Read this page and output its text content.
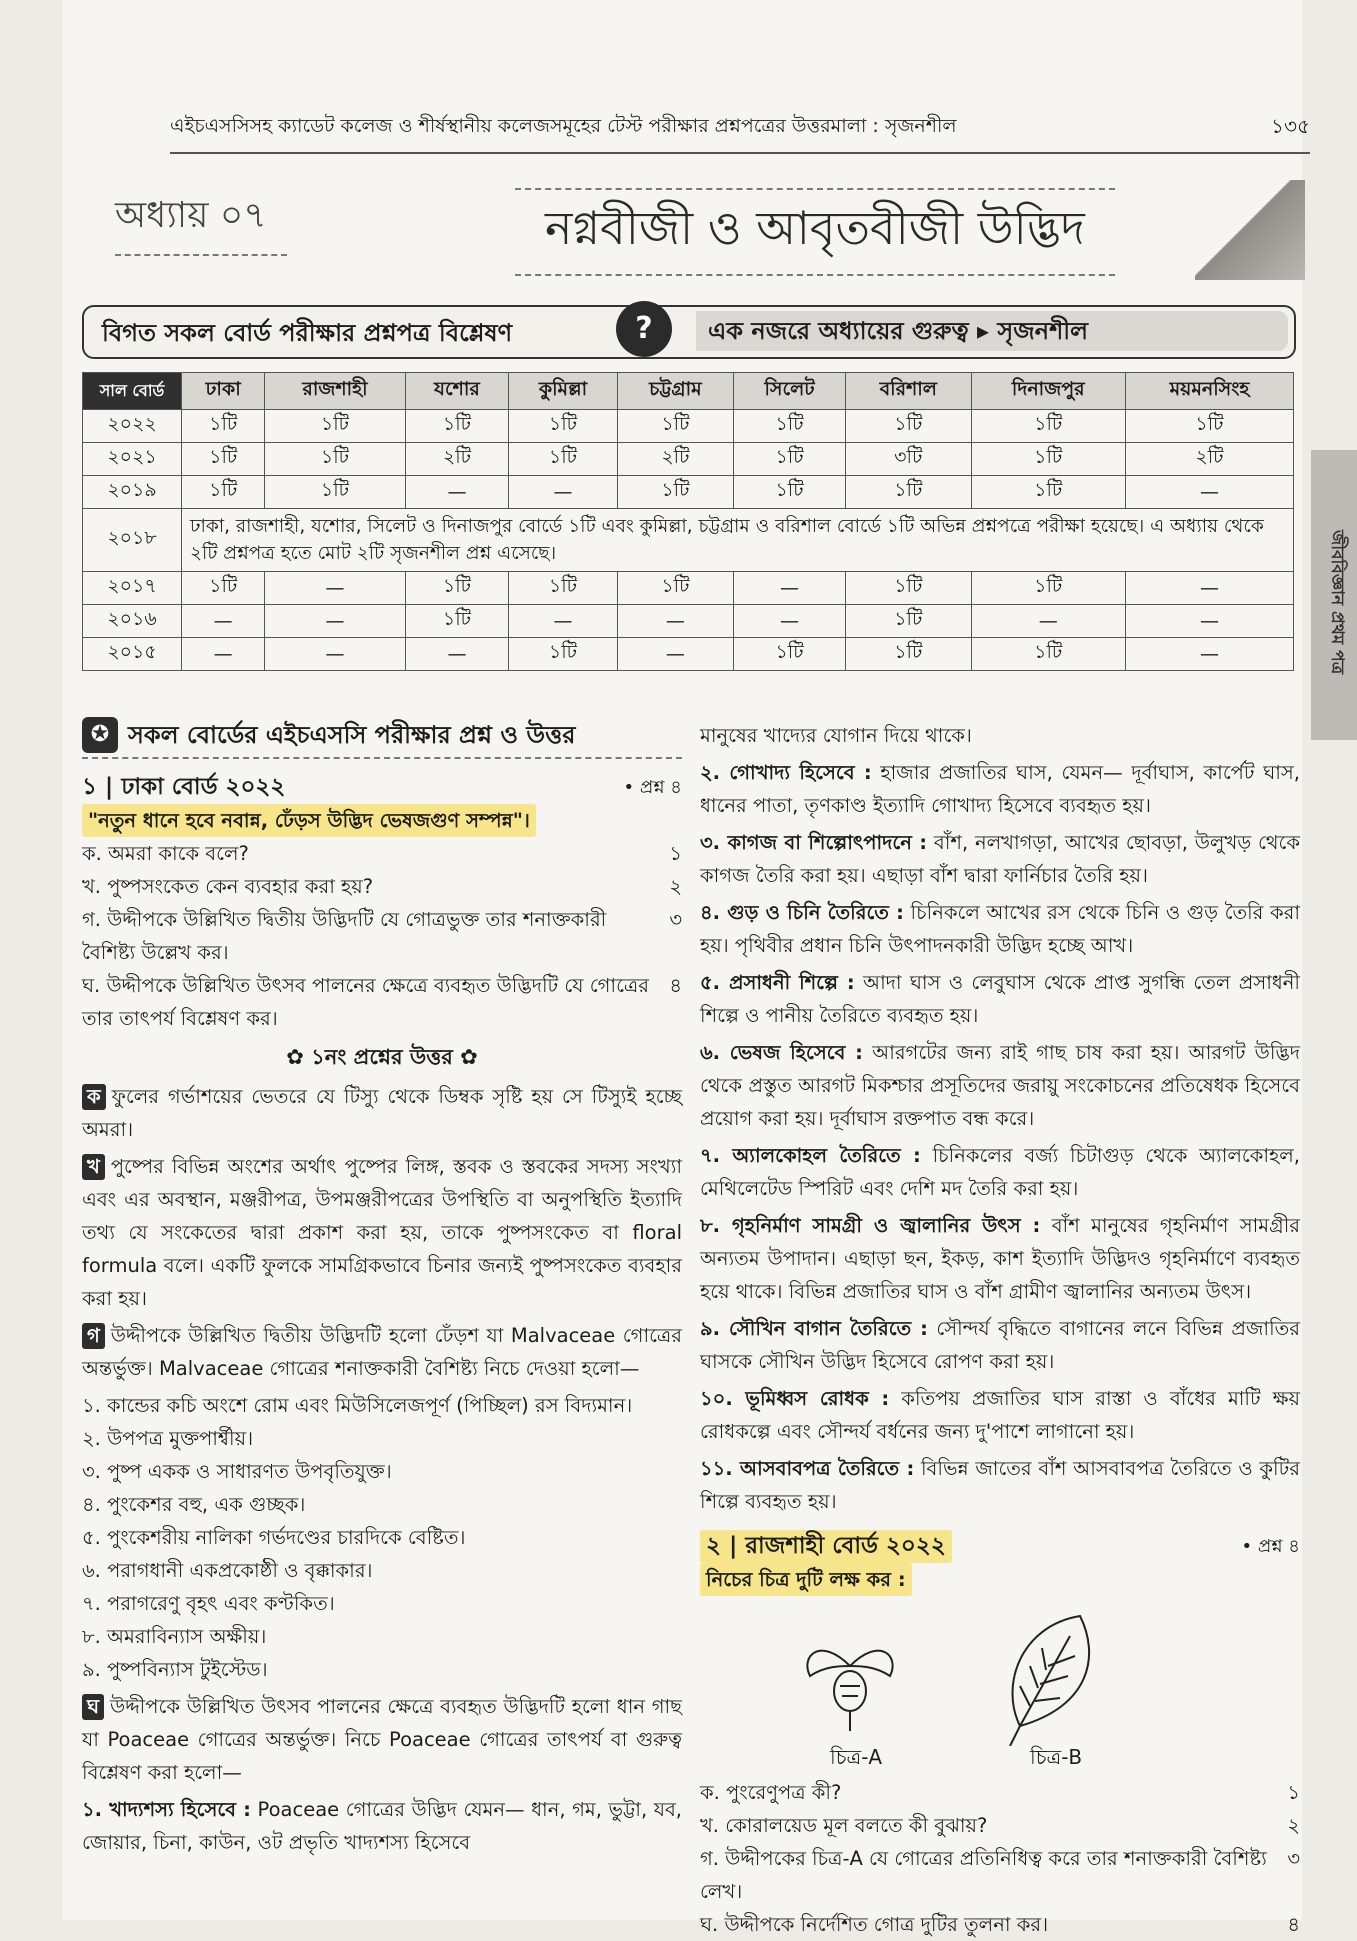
এইচএসসিসহ ক্যাডেট কলেজ ও শীর্ষস্থানীয় কলেজসমূহের টেস্ট পরীক্ষার প্রশ্নপত্রের উত্তরমালা : সৃজনশীল	১৩৫
অধ্যায় ০৭	নগ্নবীজী ও আবৃতবীজী উদ্ভিদ
বিগত সকল বোর্ড পরীক্ষার প্রশ্নপত্র বিশ্লেষণ	?	এক নজরে অধ্যায়ের গুরুত্ব ▸ সৃজনশীল
সাল বোর্ড	ঢাকা	রাজশাহী	যশোর	কুমিল্লা	চট্টগ্রাম	সিলেট	বরিশাল	দিনাজপুর	ময়মনসিংহ
২০২২	১টি	১টি	১টি	১টি	১টি	১টি	১টি	১টি	১টি
২০২১	১টি	১টি	২টি	১টি	২টি	১টি	৩টি	১টি	২টি
২০১৯	১টি	১টি	—	—	১টি	১টি	১টি	১টি	—
২০১৮	ঢাকা, রাজশাহী, যশোর, সিলেট ও দিনাজপুর বোর্ডে ১টি এবং কুমিল্লা, চট্টগ্রাম ও বরিশাল বোর্ডে ১টি অভিন্ন প্রশ্নপত্রে পরীক্ষা হয়েছে। এ অধ্যায় থেকে ২টি প্রশ্নপত্র হতে মোট ২টি সৃজনশীল প্রশ্ন এসেছে।								
২০১৭	১টি	—	১টি	১টি	১টি	—	১টি	১টি	—
২০১৬	—	—	১টি	—	—	—	১টি	—	—
২০১৫	—	—	—	১টি	—	১টি	১টি	১টি	—
✪ সকল বোর্ডের এইচএসসি পরীক্ষার প্রশ্ন ও উত্তর
১ | ঢাকা বোর্ড ২০২২	• প্রশ্ন ৪
"নতুন ধানে হবে নবান্ন, ঢেঁড়স উদ্ভিদ ভেষজগুণ সম্পন্ন"।
ক. অমরা কাকে বলে?	১
খ. পুষ্পসংকেত কেন ব্যবহার করা হয়?	২
গ. উদ্দীপকে উল্লিখিত দ্বিতীয় উদ্ভিদটি যে গোত্রভুক্ত তার শনাক্তকারী বৈশিষ্ট্য উল্লেখ কর।
৩
ঘ. উদ্দীপকে উল্লিখিত উৎসব পালনের ক্ষেত্রে ব্যবহৃত উদ্ভিদটি যে গোত্রের তার তাৎপর্য বিশ্লেষণ কর।
৪
✿ ১নং প্রশ্নের উত্তর ✿
ক ফুলের গর্ভাশয়ের ভেতরে যে টিস্যু থেকে ডিম্বক সৃষ্টি হয় সে টিস্যুই হচ্ছে অমরা।
খ পুষ্পের বিভিন্ন অংশের অর্থাৎ পুষ্পের লিঙ্গ, স্তবক ও স্তবকের সদস্য সংখ্যা এবং এর অবস্থান, মঞ্জরীপত্র, উপমঞ্জরীপত্রের উপস্থিতি বা অনুপস্থিতি ইত্যাদি তথ্য যে সংকেতের দ্বারা প্রকাশ করা হয়, তাকে পুষ্পসংকেত বা floral formula বলে। একটি ফুলকে সামগ্রিকভাবে চিনার জন্যই পুষ্পসংকেত ব্যবহার করা হয়।
গ উদ্দীপকে উল্লিখিত দ্বিতীয় উদ্ভিদটি হলো ঢেঁড়শ যা Malvaceae গোত্রের অন্তর্ভুক্ত। Malvaceae গোত্রের শনাক্তকারী বৈশিষ্ট্য নিচে দেওয়া হলো—
১. কান্ডের কচি অংশে রোম এবং মিউসিলেজপূর্ণ (পিচ্ছিল) রস বিদ্যমান।
২. উপপত্র মুক্তপার্শ্বীয়।
৩. পুষ্প একক ও সাধারণত উপবৃতিযুক্ত।
৪. পুংকেশর বহু, এক গুচ্ছক।
৫. পুংকেশরীয় নালিকা গর্ভদণ্ডের চারদিকে বেষ্টিত।
৬. পরাগধানী একপ্রকোষ্ঠী ও বৃক্কাকার।
৭. পরাগরেণু বৃহৎ এবং কণ্টকিত।
৮. অমরাবিন্যাস অক্ষীয়।
৯. পুষ্পবিন্যাস টুইস্টেড।
ঘ উদ্দীপকে উল্লিখিত উৎসব পালনের ক্ষেত্রে ব্যবহৃত উদ্ভিদটি হলো ধান গাছ যা Poaceae গোত্রের অন্তর্ভুক্ত। নিচে Poaceae গোত্রের তাৎপর্য বা গুরুত্ব বিশ্লেষণ করা হলো—
১. খাদ্যশস্য হিসেবে : Poaceae গোত্রের উদ্ভিদ যেমন— ধান, গম, ভুট্টা, যব, জোয়ার, চিনা, কাউন, ওট প্রভৃতি খাদ্যশস্য হিসেবে
মানুষের খাদ্যের যোগান দিয়ে থাকে।
২. গোখাদ্য হিসেবে : হাজার প্রজাতির ঘাস, যেমন— দূর্বাঘাস, কার্পেট ঘাস, ধানের পাতা, তৃণকাণ্ড ইত্যাদি গোখাদ্য হিসেবে ব্যবহৃত হয়।
৩. কাগজ বা শিল্পোৎপাদনে : বাঁশ, নলখাগড়া, আখের ছোবড়া, উলুখড় থেকে কাগজ তৈরি করা হয়। এছাড়া বাঁশ দ্বারা ফার্নিচার তৈরি হয়।
৪. গুড় ও চিনি তৈরিতে : চিনিকলে আখের রস থেকে চিনি ও গুড় তৈরি করা হয়। পৃথিবীর প্রধান চিনি উৎপাদনকারী উদ্ভিদ হচ্ছে আখ।
৫. প্রসাধনী শিল্পে : আদা ঘাস ও লেবুঘাস থেকে প্রাপ্ত সুগন্ধি তেল প্রসাধনী শিল্পে ও পানীয় তৈরিতে ব্যবহৃত হয়।
৬. ভেষজ হিসেবে : আরগটের জন্য রাই গাছ চাষ করা হয়। আরগট উদ্ভিদ থেকে প্রস্তুত আরগট মিকশ্চার প্রসূতিদের জরায়ু সংকোচনের প্রতিষেধক হিসেবে প্রয়োগ করা হয়। দূর্বাঘাস রক্তপাত বন্ধ করে।
৭. অ্যালকোহল তৈরিতে : চিনিকলের বর্জ্য চিটাগুড় থেকে অ্যালকোহল, মেথিলেটেড স্পিরিট এবং দেশি মদ তৈরি করা হয়।
৮. গৃহনির্মাণ সামগ্রী ও জ্বালানির উৎস : বাঁশ মানুষের গৃহনির্মাণ সামগ্রীর অন্যতম উপাদান। এছাড়া ছন, ইকড়, কাশ ইত্যাদি উদ্ভিদও গৃহনির্মাণে ব্যবহৃত হয়ে থাকে। বিভিন্ন প্রজাতির ঘাস ও বাঁশ গ্রামীণ জ্বালানির অন্যতম উৎস।
৯. সৌখিন বাগান তৈরিতে : সৌন্দর্য বৃদ্ধিতে বাগানের লনে বিভিন্ন প্রজাতির ঘাসকে সৌখিন উদ্ভিদ হিসেবে রোপণ করা হয়।
১০. ভূমিধ্বস রোধক : কতিপয় প্রজাতির ঘাস রাস্তা ও বাঁধের মাটি ক্ষয় রোধকল্পে এবং সৌন্দর্য বর্ধনের জন্য দু'পাশে লাগানো হয়।
১১. আসবাবপত্র তৈরিতে : বিভিন্ন জাতের বাঁশ আসবাবপত্র তৈরিতে ও কুটির শিল্পে ব্যবহৃত হয়।
২ | রাজশাহী বোর্ড ২০২২	• প্রশ্ন ৪
নিচের চিত্র দুটি লক্ষ কর :
চিত্র-A	চিত্র-B
ক. পুংরেণুপত্র কী?	১
খ. কোরালয়েড মূল বলতে কী বুঝায়?	২
গ. উদ্দীপকের চিত্র-A যে গোত্রের প্রতিনিধিত্ব করে তার শনাক্তকারী বৈশিষ্ট্য লেখ।
৩
ঘ. উদ্দীপকে নির্দেশিত গোত্র দুটির তুলনা কর।	৪
জীববিজ্ঞান প্রথম পত্র
